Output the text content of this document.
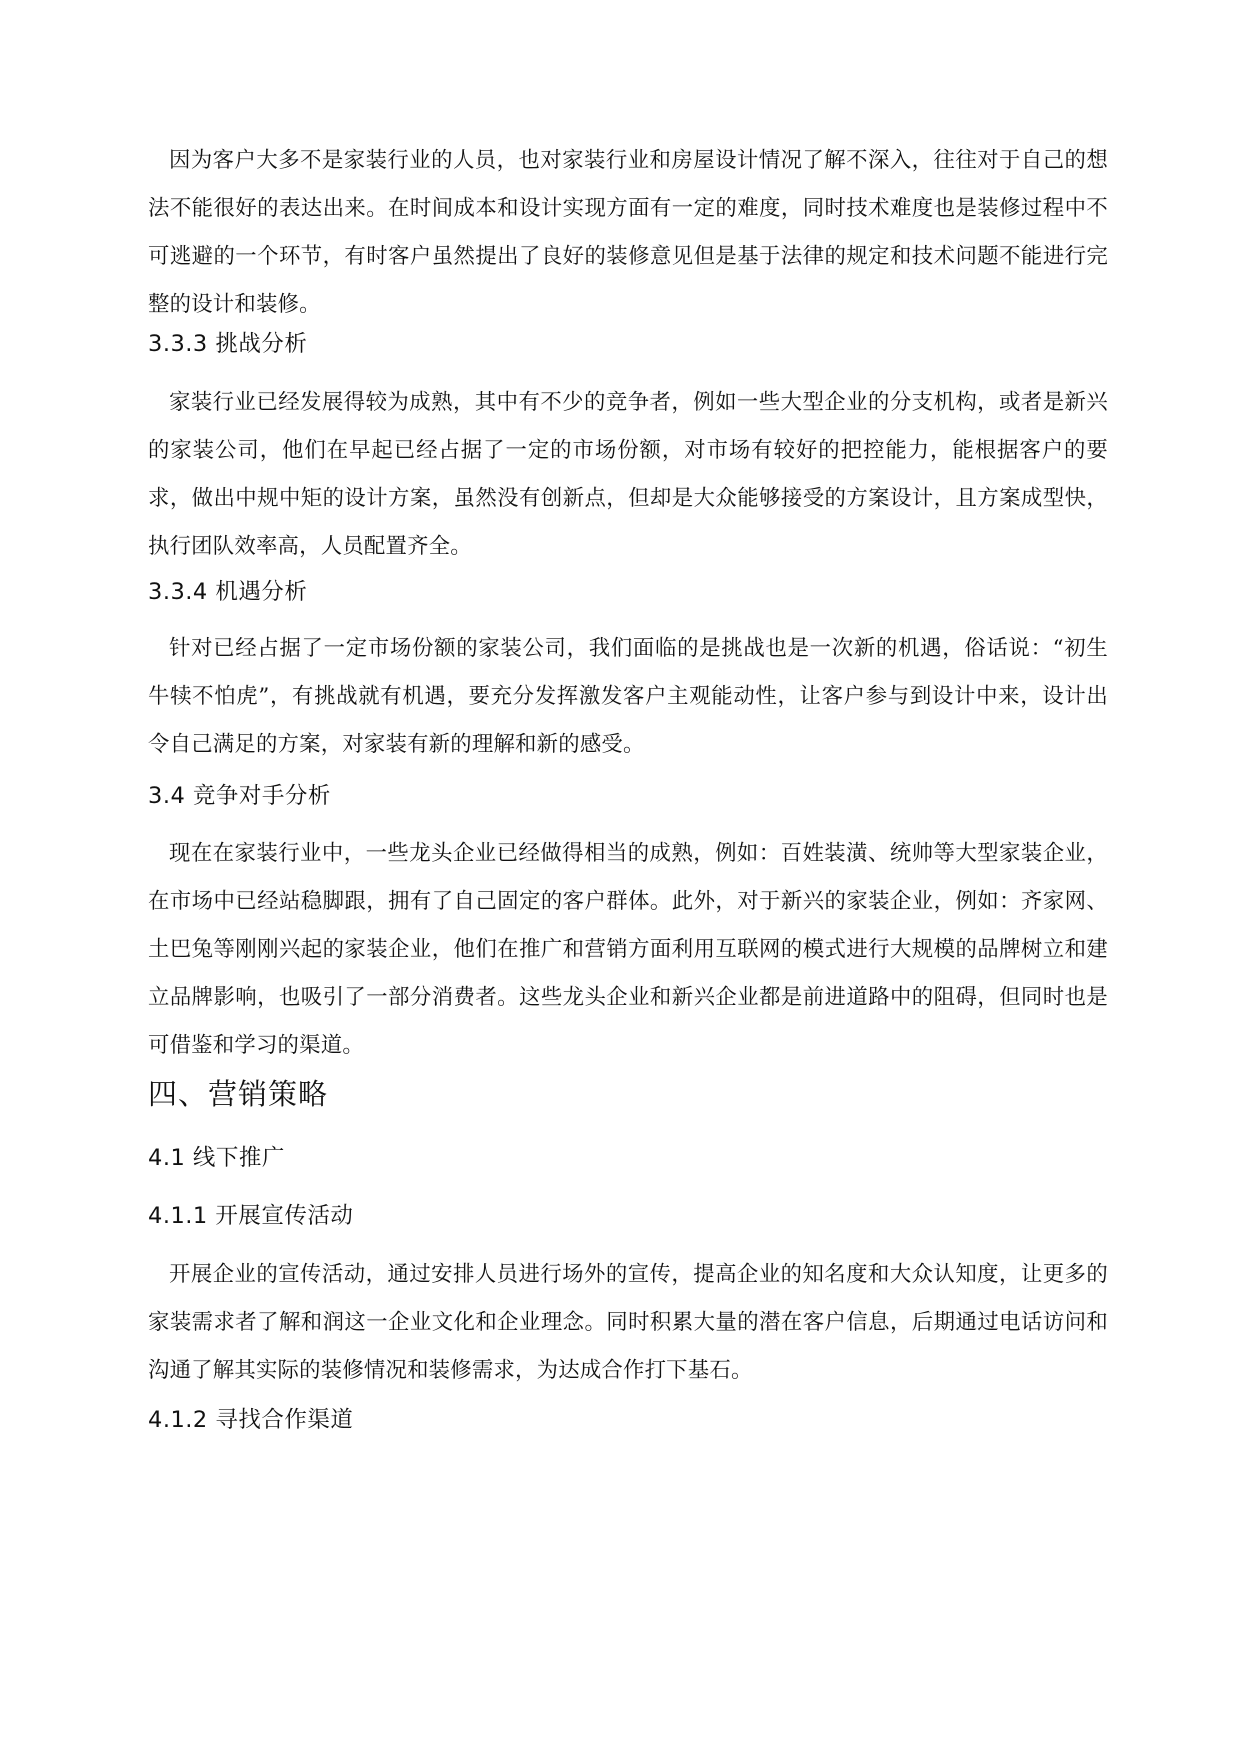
因为客户大多不是家装行业的人员，也对家装行业和房屋设计情况了解不深入，往往对于自己的想法不能很好的表达出来。在时间成本和设计实现方面有一定的难度，同时技术难度也是装修过程中不可逃避的一个环节，有时客户虽然提出了良好的装修意见但是基于法律的规定和技术问题不能进行完整的设计和装修。

3.3.3 挑战分析

家装行业已经发展得较为成熟，其中有不少的竞争者，例如一些大型企业的分支机构，或者是新兴的家装公司，他们在早起已经占据了一定的市场份额，对市场有较好的把控能力，能根据客户的要求，做出中规中矩的设计方案，虽然没有创新点，但却是大众能够接受的方案设计，且方案成型快，执行团队效率高，人员配置齐全。

3.3.4 机遇分析

针对已经占据了一定市场份额的家装公司，我们面临的是挑战也是一次新的机遇，俗话说：“初生牛犊不怕虎”，有挑战就有机遇，要充分发挥激发客户主观能动性，让客户参与到设计中来，设计出令自己满足的方案，对家装有新的理解和新的感受。

3.4 竞争对手分析

现在在家装行业中，一些龙头企业已经做得相当的成熟，例如：百姓装潢、统帅等大型家装企业，在市场中已经站稳脚跟，拥有了自己固定的客户群体。此外，对于新兴的家装企业，例如：齐家网、土巴兔等刚刚兴起的家装企业，他们在推广和营销方面利用互联网的模式进行大规模的品牌树立和建立品牌影响，也吸引了一部分消费者。这些龙头企业和新兴企业都是前进道路中的阻碍，但同时也是可借鉴和学习的渠道。

四、营销策略
4.1 线下推广
4.1.1 开展宣传活动

开展企业的宣传活动，通过安排人员进行场外的宣传，提高企业的知名度和大众认知度，让更多的家装需求者了解和润这一企业文化和企业理念。同时积累大量的潜在客户信息，后期通过电话访问和沟通了解其实际的装修情况和装修需求，为达成合作打下基石。

4.1.2 寻找合作渠道
